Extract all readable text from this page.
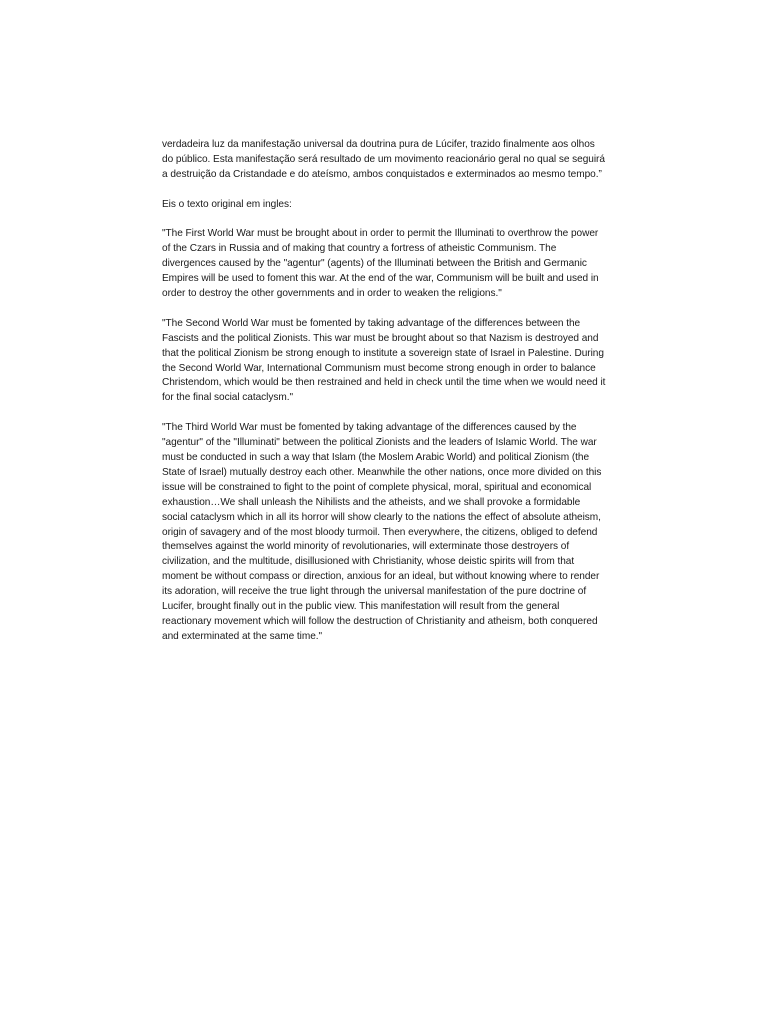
verdadeira luz da manifestação universal da doutrina pura de Lúcifer, trazido finalmente aos olhos do público. Esta manifestação será resultado de um movimento reacionário geral no qual se seguirá a destruição da Cristandade e do ateísmo, ambos conquistados e exterminados ao mesmo tempo.”

Eis o texto original em ingles:

"The First World War must be brought about in order to permit the Illuminati to overthrow the power of the Czars in Russia and of making that country a fortress of atheistic Communism. The divergences caused by the "agentur" (agents) of the Illuminati between the British and Germanic Empires will be used to foment this war. At the end of the war, Communism will be built and used in order to destroy the other governments and in order to weaken the religions."

"The Second World War must be fomented by taking advantage of the differences between the Fascists and the political Zionists. This war must be brought about so that Nazism is destroyed and that the political Zionism be strong enough to institute a sovereign state of Israel in Palestine. During the Second World War, International Communism must become strong enough in order to balance Christendom, which would be then restrained and held in check until the time when we would need it for the final social cataclysm."

"The Third World War must be fomented by taking advantage of the differences caused by the "agentur" of the "Illuminati" between the political Zionists and the leaders of Islamic World. The war must be conducted in such a way that Islam (the Moslem Arabic World) and political Zionism (the State of Israel) mutually destroy each other. Meanwhile the other nations, once more divided on this issue will be constrained to fight to the point of complete physical, moral, spiritual and economical exhaustion…We shall unleash the Nihilists and the atheists, and we shall provoke a formidable social cataclysm which in all its horror will show clearly to the nations the effect of absolute atheism, origin of savagery and of the most bloody turmoil. Then everywhere, the citizens, obliged to defend themselves against the world minority of revolutionaries, will exterminate those destroyers of civilization, and the multitude, disillusioned with Christianity, whose deistic spirits will from that moment be without compass or direction, anxious for an ideal, but without knowing where to render its adoration, will receive the true light through the universal manifestation of the pure doctrine of Lucifer, brought finally out in the public view. This manifestation will result from the general reactionary movement which will follow the destruction of Christianity and atheism, both conquered and exterminated at the same time."
